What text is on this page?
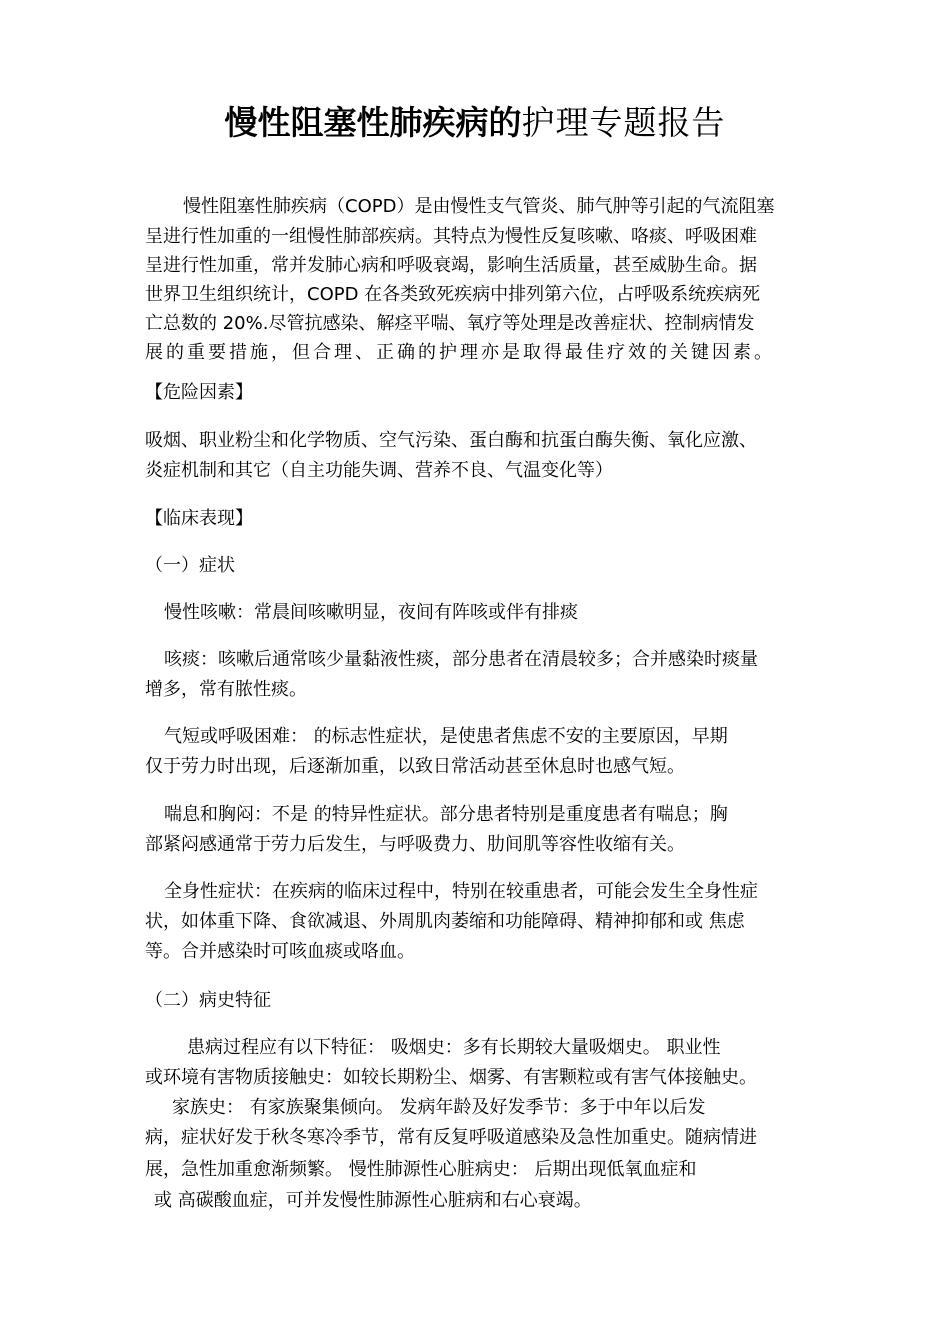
慢性阻塞性肺疾病的护理专题报告
慢性阻塞性肺疾病（COPD）是由慢性支气管炎、肺气肿等引起的气流阻塞
呈进行性加重的一组慢性肺部疾病。其特点为慢性反复咳嗽、咯痰、呼吸困难
呈进行性加重，常并发肺心病和呼吸衰竭，影响生活质量，甚至威胁生命。据
世界卫生组织统计，COPD 在各类致死疾病中排列第六位，占呼吸系统疾病死
亡总数的 20%.尽管抗感染、解痉平喘、氧疗等处理是改善症状、控制病情发
展的重要措施，但合理、正确的护理亦是取得最佳疗效的关键因素。
【危险因素】
吸烟、职业粉尘和化学物质、空气污染、蛋白酶和抗蛋白酶失衡、氧化应激、
炎症机制和其它（自主功能失调、营养不良、气温变化等）
【临床表现】
（一）症状
慢性咳嗽：常晨间咳嗽明显，夜间有阵咳或伴有排痰
咳痰：咳嗽后通常咳少量黏液性痰，部分患者在清晨较多；合并感染时痰量
增多，常有脓性痰。
气短或呼吸困难： 的标志性症状，是使患者焦虑不安的主要原因，早期
仅于劳力时出现，后逐渐加重，以致日常活动甚至休息时也感气短。
喘息和胸闷：不是 的特异性症状。部分患者特别是重度患者有喘息；胸
部紧闷感通常于劳力后发生，与呼吸费力、肋间肌等容性收缩有关。
全身性症状：在疾病的临床过程中，特别在较重患者，可能会发生全身性症
状，如体重下降、食欲减退、外周肌肉萎缩和功能障碍、精神抑郁和或 焦虑
等。合并感染时可咳血痰或咯血。
（二）病史特征
患病过程应有以下特征： 吸烟史：多有长期较大量吸烟史。 职业性
或环境有害物质接触史：如较长期粉尘、烟雾、有害颗粒或有害气体接触史。
家族史： 有家族聚集倾向。 发病年龄及好发季节：多于中年以后发
病，症状好发于秋冬寒冷季节，常有反复呼吸道感染及急性加重史。随病情进
展，急性加重愈渐频繁。 慢性肺源性心脏病史： 后期出现低氧血症和
或 高碳酸血症，可并发慢性肺源性心脏病和右心衰竭。
